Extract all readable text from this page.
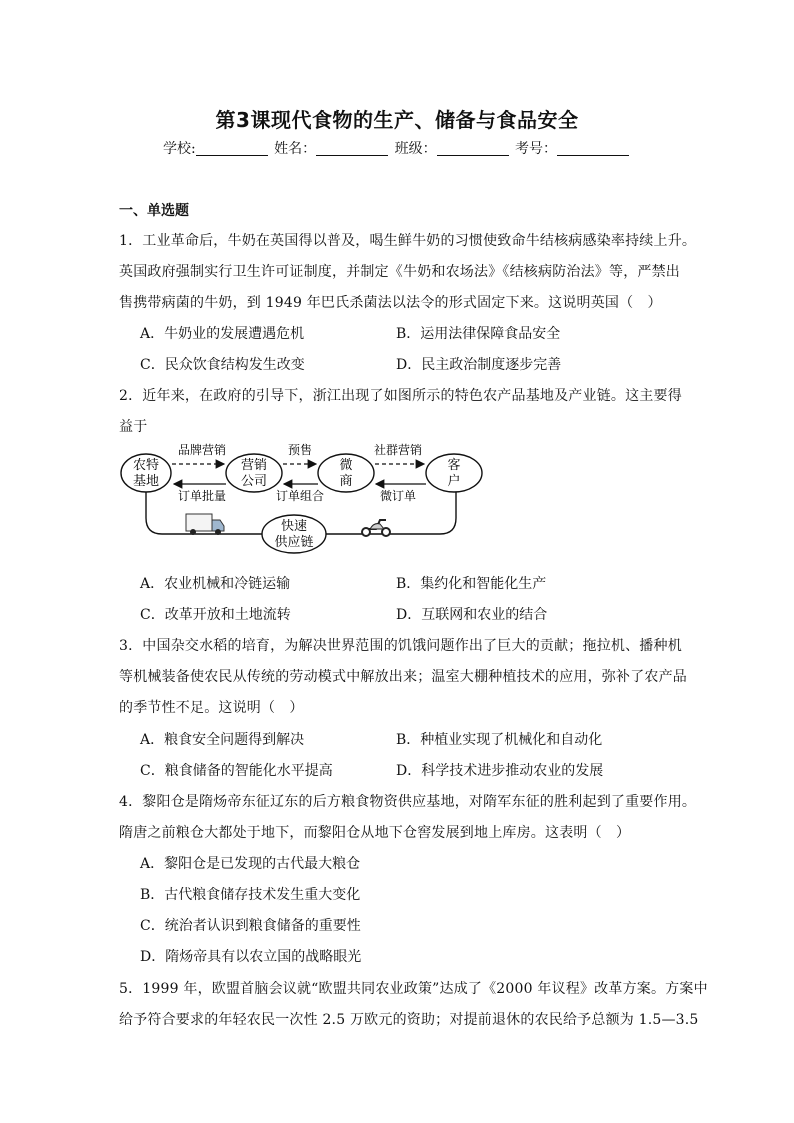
第3课现代食物的生产、储备与食品安全
学校:	姓名：	班级：	考号：
一、单选题
1．工业革命后，牛奶在英国得以普及，喝生鲜牛奶的习惯使致命牛结核病感染率持续上升。
英国政府强制实行卫生许可证制度，并制定《牛奶和农场法》《结核病防治法》等，严禁出
售携带病菌的牛奶，到 1949 年巴氏杀菌法以法令的形式固定下来。这说明英国（　）
A．牛奶业的发展遭遇危机	B．运用法律保障食品安全
C．民众饮食结构发生改变	D．民主政治制度逐步完善
2．近年来，在政府的引导下，浙江出现了如图所示的特色农产品基地及产业链。这主要得
益于
农特
基地
营销
公司
微
商
客
户
快速
供应链
品牌营销	预售	社群营销
订单批量	订单组合	微订单
A．农业机械和冷链运输	B．集约化和智能化生产
C．改革开放和土地流转	D．互联网和农业的结合
3．中国杂交水稻的培育，为解决世界范围的饥饿问题作出了巨大的贡献；拖拉机、播种机
等机械装备使农民从传统的劳动模式中解放出来；温室大棚种植技术的应用，弥补了农产品
的季节性不足。这说明（　）
A．粮食安全问题得到解决	B．种植业实现了机械化和自动化
C．粮食储备的智能化水平提高	D．科学技术进步推动农业的发展
4．黎阳仓是隋炀帝东征辽东的后方粮食物资供应基地，对隋军东征的胜利起到了重要作用。
隋唐之前粮仓大都处于地下，而黎阳仓从地下仓窖发展到地上库房。这表明（　）
A．黎阳仓是已发现的古代最大粮仓
B．古代粮食储存技术发生重大变化
C．统治者认识到粮食储备的重要性
D．隋炀帝具有以农立国的战略眼光
5．1999 年，欧盟首脑会议就“欧盟共同农业政策”达成了《2000 年议程》改革方案。方案中
给予符合要求的年轻农民一次性 2.5 万欧元的资助；对提前退休的农民给予总额为 1.5—3.5
